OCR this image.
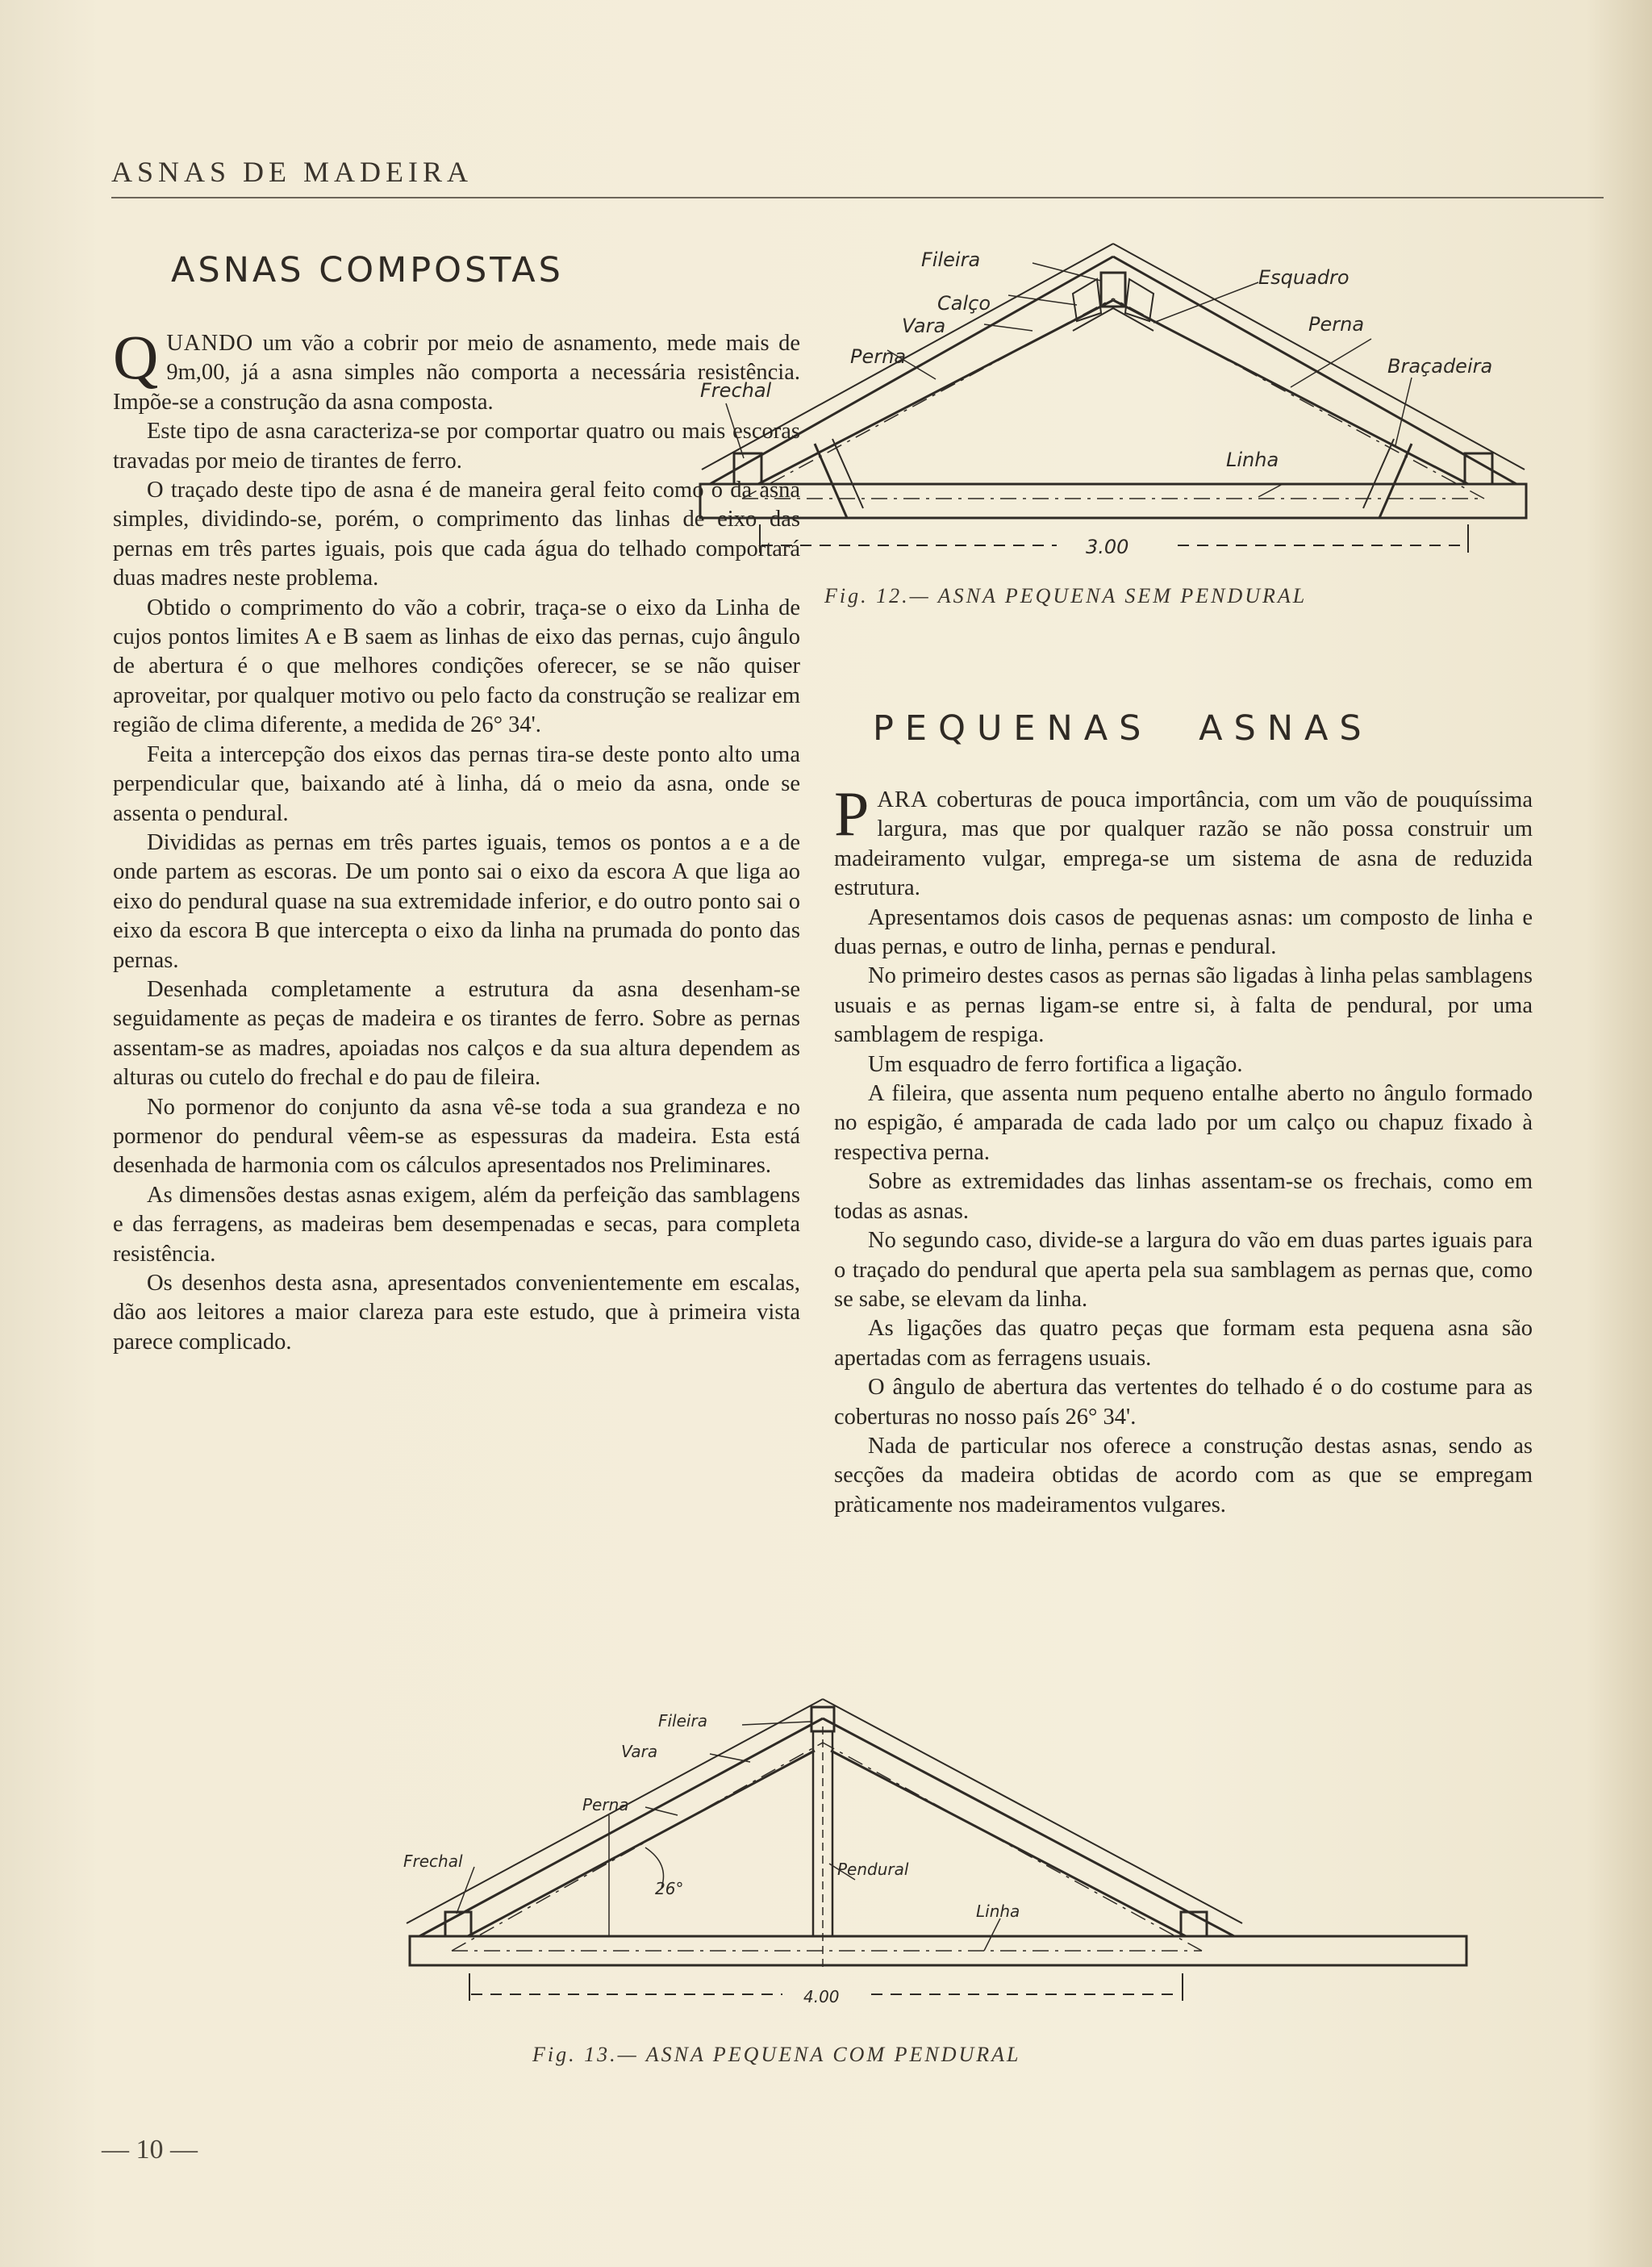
ASNAS DE MADEIRA
ASNAS COMPOSTAS

QUANDO um vão a cobrir por meio de asnamento, mede mais de 9m,00, já a asna simples não comporta a necessária resistência. Impõe-se a construção da asna composta.

Este tipo de asna caracteriza-se por comportar quatro ou mais escoras travadas por meio de tirantes de ferro.

O traçado deste tipo de asna é de maneira geral feito como o da asna simples, dividindo-se, porém, o comprimento das linhas de eixo das pernas em três partes iguais, pois que cada água do telhado comportará duas madres neste problema.

Obtido o comprimento do vão a cobrir, traça-se o eixo da Linha de cujos pontos limites A e B saem as linhas de eixo das pernas, cujo ângulo de abertura é o que melhores condições oferecer, se se não quiser aproveitar, por qualquer motivo ou pelo facto da construção se realizar em região de clima diferente, a medida de 26° 34'.

Feita a intercepção dos eixos das pernas tira-se deste ponto alto uma perpendicular que, baixando até à linha, dá o meio da asna, onde se assenta o pendural.

Divididas as pernas em três partes iguais, temos os pontos a e a de onde partem as escoras. De um ponto sai o eixo da escora A que liga ao eixo do pendural quase na sua extremidade inferior, e do outro ponto sai o eixo da escora B que intercepta o eixo da linha na prumada do ponto das pernas.

Desenhada completamente a estrutura da asna desenham-se seguidamente as peças de madeira e os tirantes de ferro. Sobre as pernas assentam-se as madres, apoiadas nos calços e da sua altura dependem as alturas ou cutelo do frechal e do pau de fileira.

No pormenor do conjunto da asna vê-se toda a sua grandeza e no pormenor do pendural vêem-se as espessuras da madeira. Esta está desenhada de harmonia com os cálculos apresentados nos Preliminares.

As dimensões destas asnas exigem, além da perfeição das samblagens e das ferragens, as madeiras bem desempenadas e secas, para completa resistência.

Os desenhos desta asna, apresentados convenientemente em escalas, dão aos leitores a maior clareza para este estudo, que à primeira vista parece complicado.

Fileira
Calço
Vara
Perna
Frechal
Esquadro
Perna
Braçadeira
Linha
3.00
Fig. 12.— ASNA PEQUENA SEM PENDURAL
PEQUENAS ASNAS

PARA coberturas de pouca importância, com um vão de pouquíssima largura, mas que por qualquer razão se não possa construir um madeiramento vulgar, emprega-se um sistema de asna de reduzida estrutura.

Apresentamos dois casos de pequenas asnas: um composto de linha e duas pernas, e outro de linha, pernas e pendural.

No primeiro destes casos as pernas são ligadas à linha pelas samblagens usuais e as pernas ligam-se entre si, à falta de pendural, por uma samblagem de respiga.

Um esquadro de ferro fortifica a ligação.

A fileira, que assenta num pequeno entalhe aberto no ângulo formado no espigão, é amparada de cada lado por um calço ou chapuz fixado à respectiva perna.

Sobre as extremidades das linhas assentam-se os frechais, como em todas as asnas.

No segundo caso, divide-se a largura do vão em duas partes iguais para o traçado do pendural que aperta pela sua samblagem as pernas que, como se sabe, se elevam da linha.

As ligações das quatro peças que formam esta pequena asna são apertadas com as ferragens usuais.

O ângulo de abertura das vertentes do telhado é o do costume para as coberturas no nosso país 26° 34'.

Nada de particular nos oferece a construção destas asnas, sendo as secções da madeira obtidas de acordo com as que se empregam pràticamente nos madeiramentos vulgares.

Fileira
Vara
Perna
Frechal	Pendural
26°
Linha
4.00
Fig. 13.— ASNA PEQUENA COM PENDURAL
— 10 —
